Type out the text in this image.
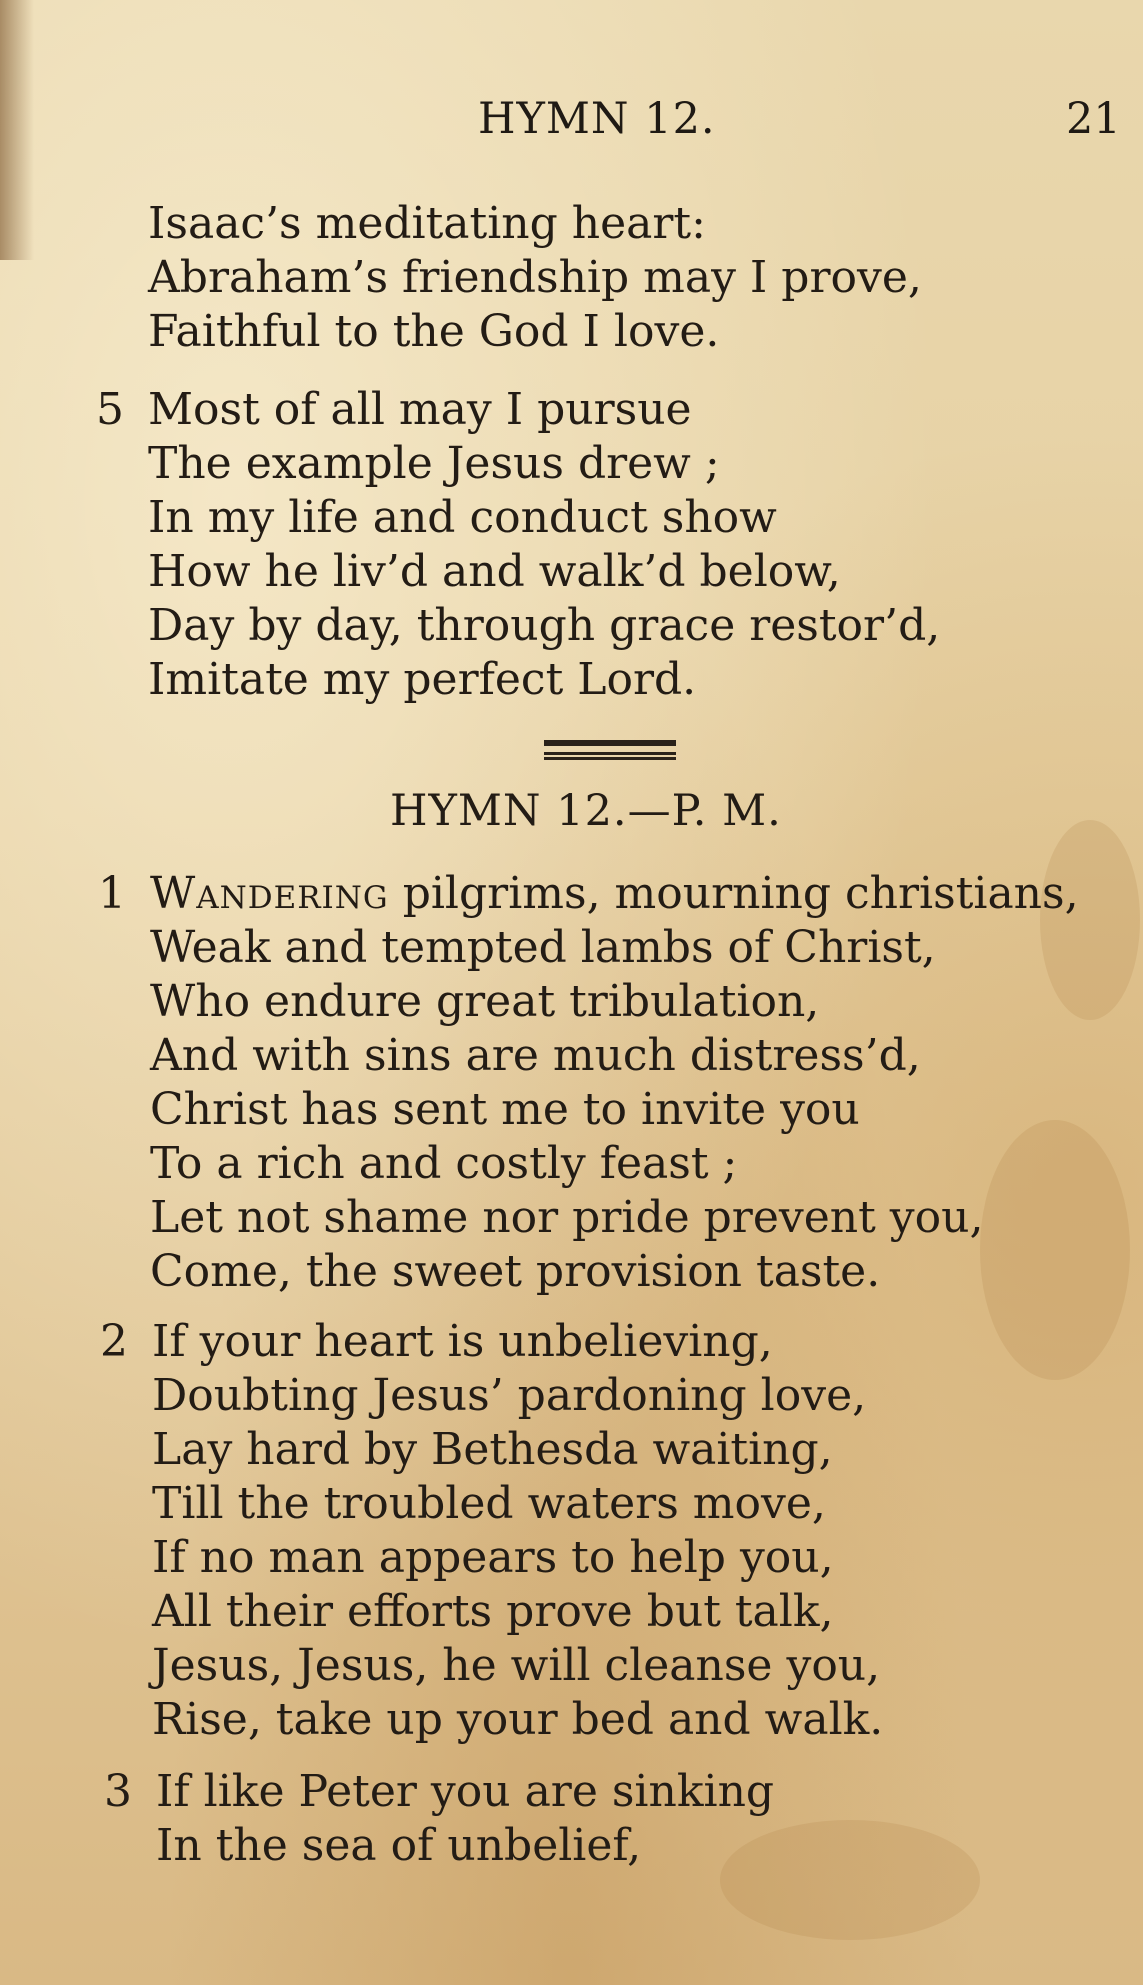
HYMN 12.	21
Isaac’s meditating heart:
Abraham’s friendship may I prove,
Faithful to the God I love.
5 Most of all may I pursue
The example Jesus drew ;
In my life and conduct show
How he liv’d and walk’d below,
Day by day, through grace restor’d,
Imitate my perfect Lord.
HYMN 12.—P. M.
1 Wandering pilgrims, mourning christians,
Weak and tempted lambs of Christ,
Who endure great tribulation,
And with sins are much distress’d,
Christ has sent me to invite you
To a rich and costly feast ;
Let not shame nor pride prevent you,
Come, the sweet provision taste.
2 If your heart is unbelieving,
Doubting Jesus’ pardoning love,
Lay hard by Bethesda waiting,
Till the troubled waters move,
If no man appears to help you,
All their efforts prove but talk,
Jesus, Jesus, he will cleanse you,
Rise, take up your bed and walk.
3 If like Peter you are sinking
In the sea of unbelief,
